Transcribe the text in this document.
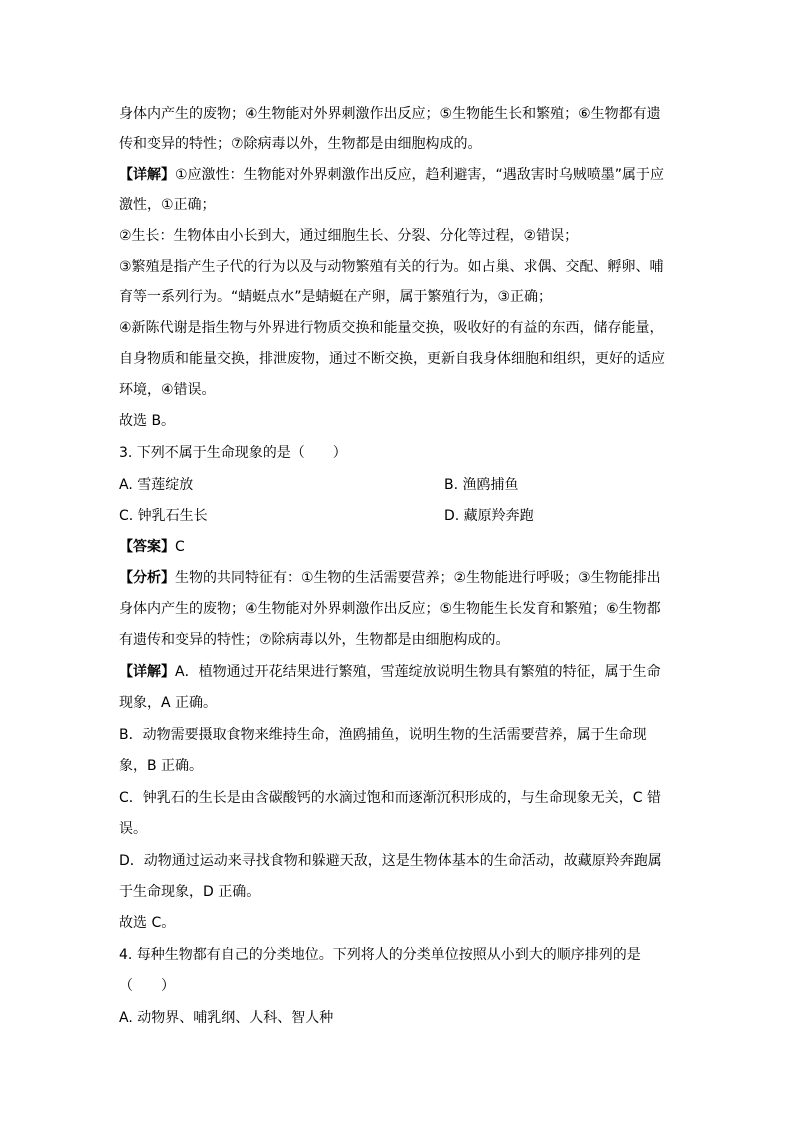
身体内产生的废物；④生物能对外界刺激作出反应；⑤生物能生长和繁殖；⑥生物都有遗
传和变异的特性；⑦除病毒以外，生物都是由细胞构成的。
【详解】①应激性：生物能对外界刺激作出反应，趋利避害，“遇敌害时乌贼喷墨”属于应
激性，①正确；
②生长：生物体由小长到大，通过细胞生长、分裂、分化等过程，②错误；
③繁殖是指产生子代的行为以及与动物繁殖有关的行为。如占巢、求偶、交配、孵卵、哺
育等一系列行为。“蜻蜓点水”是蜻蜓在产卵，属于繁殖行为，③正确；
④新陈代谢是指生物与外界进行物质交换和能量交换，吸收好的有益的东西，储存能量，
自身物质和能量交换，排泄废物，通过不断交换，更新自我身体细胞和组织，更好的适应
环境，④错误。
故选 B。
3. 下列不属于生命现象的是（　　）
A. 雪莲绽放	B. 渔鸥捕鱼
C. 钟乳石生长	D. 藏原羚奔跑
【答案】C
【分析】生物的共同特征有：①生物的生活需要营养；②生物能进行呼吸；③生物能排出
身体内产生的废物；④生物能对外界刺激作出反应；⑤生物能生长发育和繁殖；⑥生物都
有遗传和变异的特性；⑦除病毒以外，生物都是由细胞构成的。
【详解】A．植物通过开花结果进行繁殖，雪莲绽放说明生物具有繁殖的特征，属于生命
现象，A 正确。
B．动物需要摄取食物来维持生命，渔鸥捕鱼，说明生物的生活需要营养，属于生命现
象，B 正确。
C．钟乳石的生长是由含碳酸钙的水滴过饱和而逐渐沉积形成的，与生命现象无关，C 错
误。
D．动物通过运动来寻找食物和躲避天敌，这是生物体基本的生命活动，故藏原羚奔跑属
于生命现象，D 正确。
故选 C。
4. 每种生物都有自己的分类地位。下列将人的分类单位按照从小到大的顺序排列的是
（　　）
A. 动物界、哺乳纲、人科、智人种
